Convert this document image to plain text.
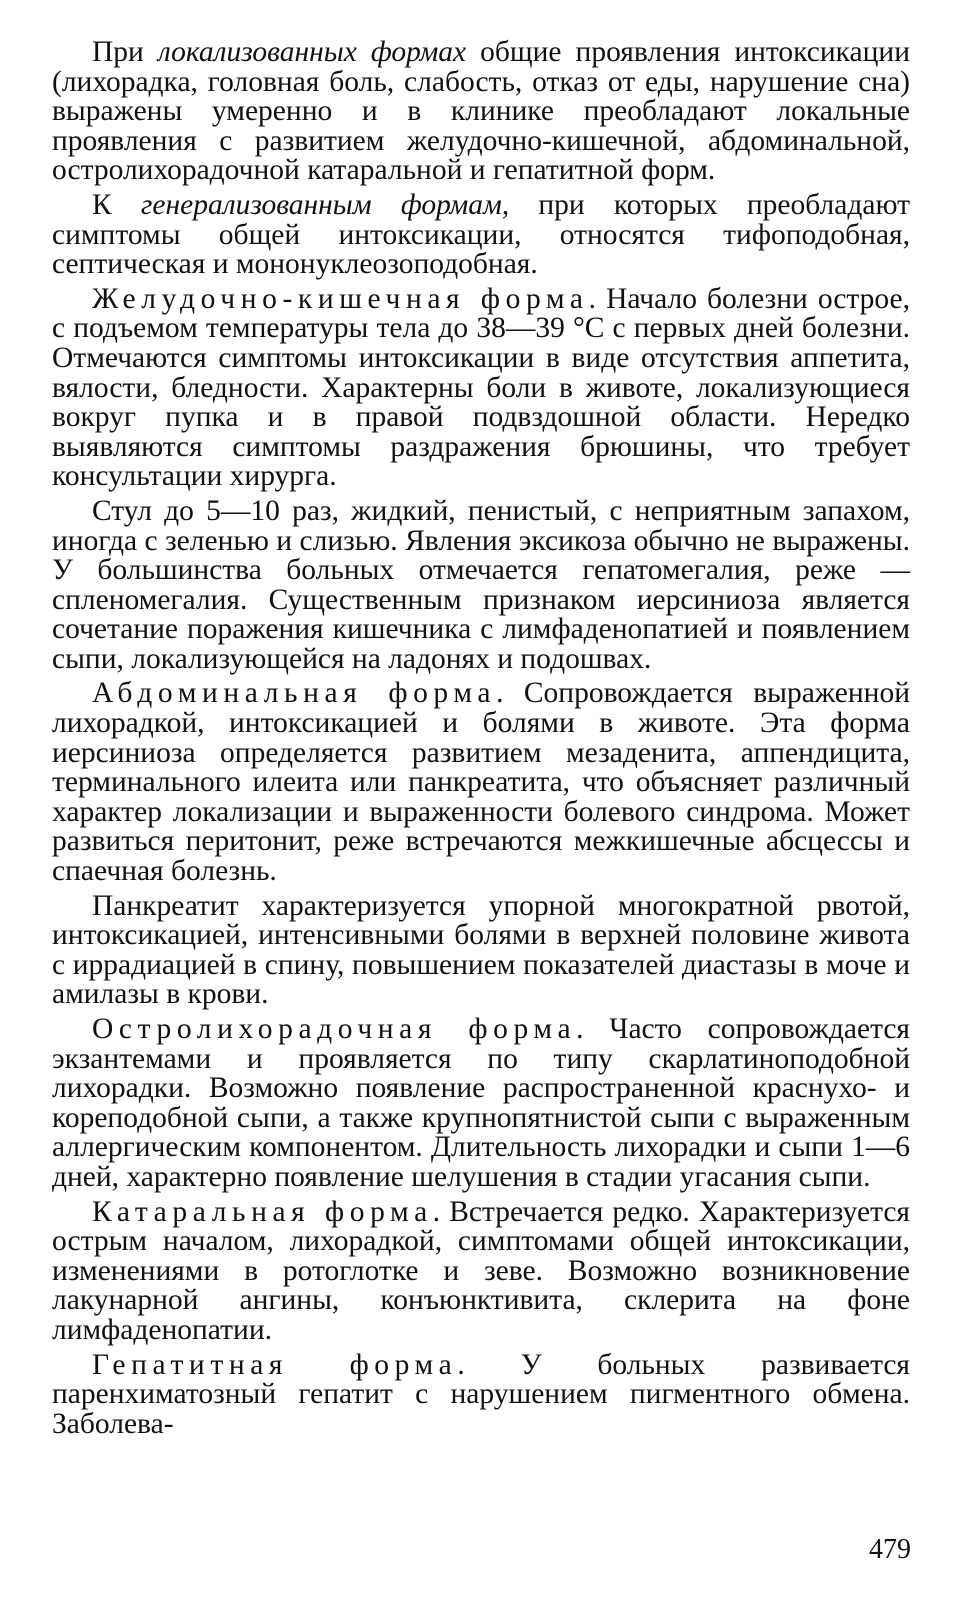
При локализованных формах общие проявления интоксикации (лихорадка, головная боль, слабость, отказ от еды, нарушение сна) выражены умеренно и в клинике преобладают локальные проявления с развитием желудочно-кишечной, абдоминальной, остролихорадочной катаральной и гепатитной форм.

К генерализованным формам, при которых преобладают симптомы общей интоксикации, относятся тифоподобная, септическая и мононуклеозоподобная.

Желудочно-кишечная форма. Начало болезни острое, с подъемом температуры тела до 38—39 °С с первых дней болезни. Отмечаются симптомы интоксикации в виде отсутствия аппетита, вялости, бледности. Характерны боли в животе, локализующиеся вокруг пупка и в правой подвздошной области. Нередко выявляются симптомы раздражения брюшины, что требует консультации хирурга.

Стул до 5—10 раз, жидкий, пенистый, с неприятным запахом, иногда с зеленью и слизью. Явления эксикоза обычно не выражены. У большинства больных отмечается гепатомегалия, реже — спленомегалия. Существенным признаком иерсиниоза является сочетание поражения кишечника с лимфаденопатией и появлением сыпи, локализующейся на ладонях и подошвах.

Абдоминальная форма. Сопровождается выраженной лихорадкой, интоксикацией и болями в животе. Эта форма иерсиниоза определяется развитием мезаденита, аппендицита, терминального илеита или панкреатита, что объясняет различный характер локализации и выраженности болевого синдрома. Может развиться перитонит, реже встречаются межкишечные абсцессы и спаечная болезнь.

Панкреатит характеризуется упорной многократной рвотой, интоксикацией, интенсивными болями в верхней половине живота с иррадиацией в спину, повышением показателей диастазы в моче и амилазы в крови.

Остролихорадочная форма. Часто сопровождается экзантемами и проявляется по типу скарлатиноподобной лихорадки. Возможно появление распространенной краснухо- и кореподобной сыпи, а также крупнопятнистой сыпи с выраженным аллергическим компонентом. Длительность лихорадки и сыпи 1—6 дней, характерно появление шелушения в стадии угасания сыпи.

Катаральная форма. Встречается редко. Характеризуется острым началом, лихорадкой, симптомами общей интоксикации, изменениями в ротоглотке и зеве. Возможно возникновение лакунарной ангины, конъюнктивита, склерита на фоне лимфаденопатии.

Гепатитная форма. У больных развивается паренхиматозный гепатит с нарушением пигментного обмена. Заболева-

479
